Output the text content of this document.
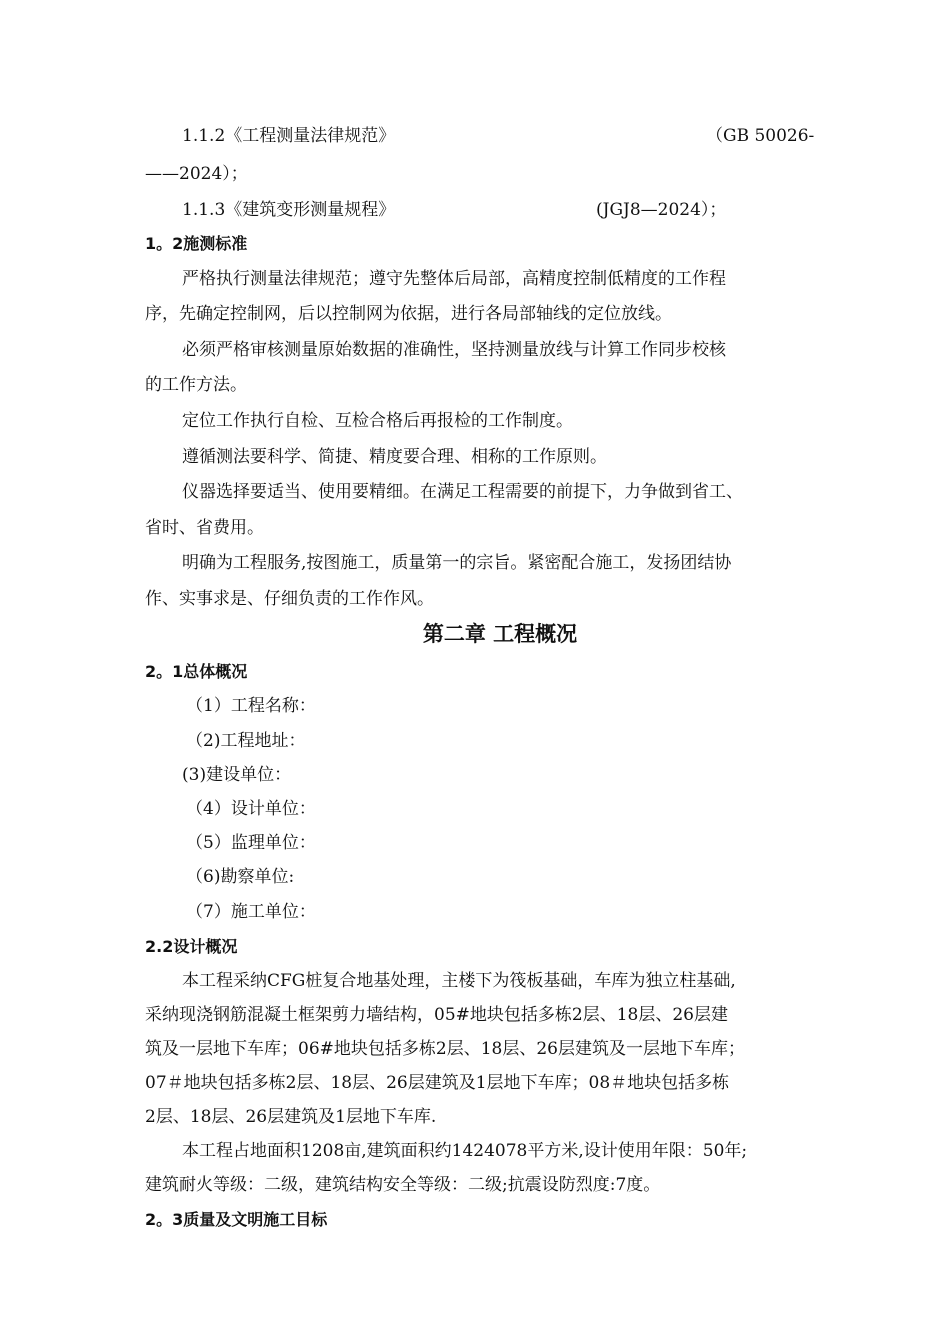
1.1.2《工程测量法律规范》	（GB 50026-
——2024）；
1.1.3《建筑变形测量规程》	(JGJ8—2024）；
1。2施测标准
严格执行测量法律规范；遵守先整体后局部，高精度控制低精度的工作程
序，先确定控制网，后以控制网为依据，进行各局部轴线的定位放线。
必须严格审核测量原始数据的准确性，坚持测量放线与计算工作同步校核
的工作方法。
定位工作执行自检、互检合格后再报检的工作制度。
遵循测法要科学、简捷、精度要合理、相称的工作原则。
仪器选择要适当、使用要精细。在满足工程需要的前提下，力争做到省工、
省时、省费用。
明确为工程服务,按图施工，质量第一的宗旨。紧密配合施工，发扬团结协
作、实事求是、仔细负责的工作作风。
第二章 工程概况
2。1总体概况
（1）工程名称：
（2)工程地址：
(3)建设单位：
（4）设计单位：
（5）监理单位：
（6)勘察单位:
（7）施工单位：
2.2设计概况
本工程采纳CFG桩复合地基处理，主楼下为筏板基础，车库为独立柱基础,
采纳现浇钢筋混凝土框架剪力墙结构，05#地块包括多栋2层、18层、26层建
筑及一层地下车库；06#地块包括多栋2层、18层、26层建筑及一层地下车库；
07＃地块包括多栋2层、18层、26层建筑及1层地下车库；08＃地块包括多栋
2层、18层、26层建筑及1层地下车库.
本工程占地面积1208亩,建筑面积约1424078平方米,设计使用年限：50年;
建筑耐火等级：二级，建筑结构安全等级：二级;抗震设防烈度:7度。
2。3质量及文明施工目标
